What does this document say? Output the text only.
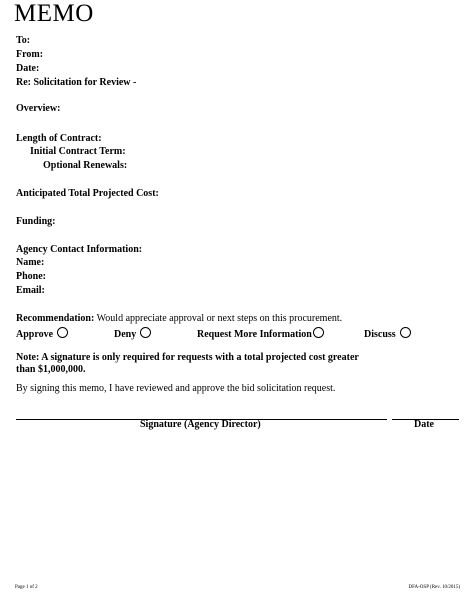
MEMO
To:
From:
Date:
Re: Solicitation for Review -
Overview:
Length of Contract:
Initial Contract Term:
Optional Renewals:
Anticipated Total Projected Cost:
Funding:
Agency Contact Information:
Name:
Phone:
Email:
Recommendation: Would appreciate approval or next steps on this procurement.
Approve	Deny	Request More Information	Discuss
Note: A signature is only required for requests with a total projected cost greater
than $1,000,000.
By signing this memo, I have reviewed and approve the bid solicitation request.
Signature (Agency Director)	Date
Page 1 of 2	DFA-OSP (Rev. 10/2015)
